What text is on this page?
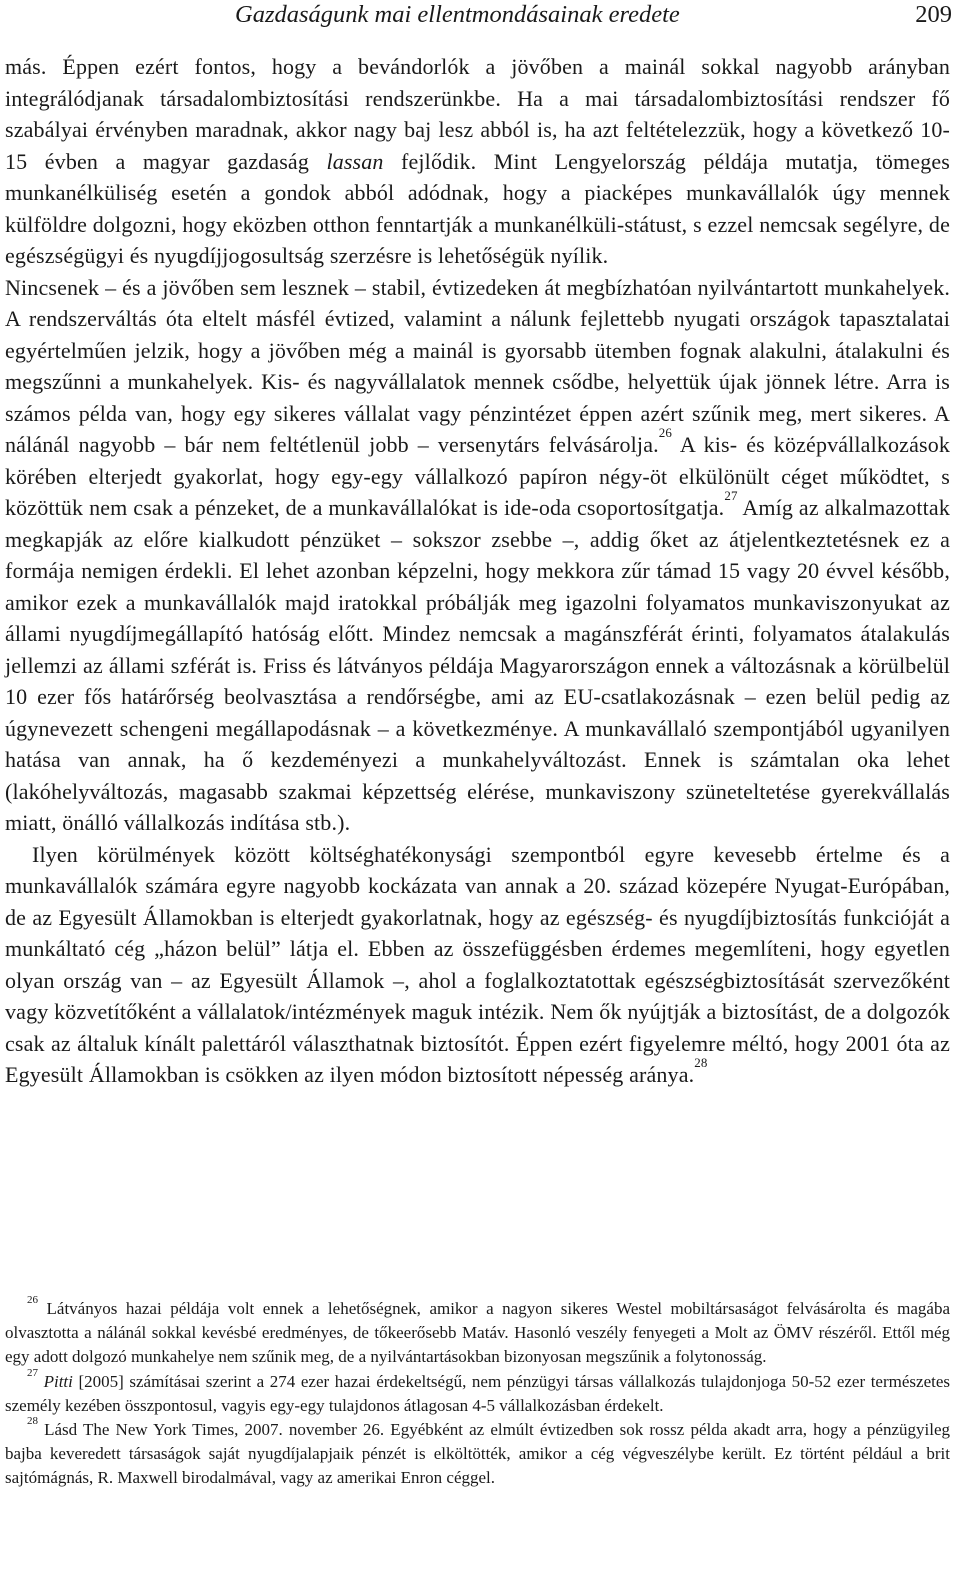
Gazdaságunk mai ellentmondásainak eredete	209

más. Éppen ezért fontos, hogy a bevándorlók a jövőben a mainál sokkal nagyobb arányban integrálódjanak társadalombiztosítási rendszerünkbe. Ha a mai társadalombiztosítási rendszer fő szabályai érvényben maradnak, akkor nagy baj lesz abból is, ha azt feltételezzük, hogy a következő 10-15 évben a magyar gazdaság lassan fejlődik. Mint Lengyelország példája mutatja, tömeges munkanélküliség esetén a gondok abból adódnak, hogy a piacképes munkavállalók úgy mennek külföldre dolgozni, hogy eközben otthon fenntartják a munkanélküli-státust, s ezzel nemcsak segélyre, de egészségügyi és nyugdíjjogosultság szerzésre is lehetőségük nyílik.

Nincsenek – és a jövőben sem lesznek – stabil, évtizedeken át megbízhatóan nyilvántartott munkahelyek. A rendszerváltás óta eltelt másfél évtized, valamint a nálunk fejlettebb nyugati országok tapasztalatai egyértelműen jelzik, hogy a jövőben még a mainál is gyorsabb ütemben fognak alakulni, átalakulni és megszűnni a munkahelyek. Kis- és nagyvállalatok mennek csődbe, helyettük újak jönnek létre. Arra is számos példa van, hogy egy sikeres vállalat vagy pénzintézet éppen azért szűnik meg, mert sikeres. A nálánál nagyobb – bár nem feltétlenül jobb – versenytárs felvásárolja.$^{26}$ A kis- és középvállalkozások körében elterjedt gyakorlat, hogy egy-egy vállalkozó papíron négy-öt elkülönült céget működtet, s közöttük nem csak a pénzeket, de a munkavállalókat is ide-oda csoportosítgatja.$^{27}$ Amíg az alkalmazottak megkapják az előre kialkudott pénzüket – sokszor zsebbe –, addig őket az átjelentkeztetésnek ez a formája nemigen érdekli. El lehet azonban képzelni, hogy mekkora zűr támad 15 vagy 20 évvel később, amikor ezek a munkavállalók majd iratokkal próbálják meg igazolni folyamatos munkaviszonyukat az állami nyugdíjmegállapító hatóság előtt. Mindez nemcsak a magánszférát érinti, folyamatos átalakulás jellemzi az állami szférát is. Friss és látványos példája Magyarországon ennek a változásnak a körülbelül 10 ezer fős határőrség beolvasztása a rendőrségbe, ami az EU-csatlakozásnak – ezen belül pedig az úgynevezett schengeni megállapodásnak – a következménye. A munkavállaló szempontjából ugyanilyen hatása van annak, ha ő kezdeményezi a munkahelyváltozást. Ennek is számtalan oka lehet (lakóhelyváltozás, magasabb szakmai képzettség elérése, munkaviszony szüneteltetése gyerekvállalás miatt, önálló vállalkozás indítása stb.).

Ilyen körülmények között költséghatékonysági szempontból egyre kevesebb értelme és a munkavállalók számára egyre nagyobb kockázata van annak a 20. század közepére Nyugat-Európában, de az Egyesült Államokban is elterjedt gyakorlatnak, hogy az egészség- és nyugdíjbiztosítás funkcióját a munkáltató cég „házon belül” látja el. Ebben az összefüggésben érdemes megemlíteni, hogy egyetlen olyan ország van – az Egyesült Államok –, ahol a foglalkoztatottak egészségbiztosítását szervezőként vagy közvetítőként a vállalatok/intézmények maguk intézik. Nem ők nyújtják a biztosítást, de a dolgozók csak az általuk kínált palettáról választhatnak biztosítót. Éppen ezért figyelemre méltó, hogy 2001 óta az Egyesült Államokban is csökken az ilyen módon biztosított népesség aránya.$^{28}$

$^{26}$ Látványos hazai példája volt ennek a lehetőségnek, amikor a nagyon sikeres Westel mobiltársaságot felvásárolta és magába olvasztotta a nálánál sokkal kevésbé eredményes, de tőkeerősebb Matáv. Hasonló veszély fenyegeti a Molt az ÖMV részéről. Ettől még egy adott dolgozó munkahelye nem szűnik meg, de a nyilvántartásokban bizonyosan megszűnik a folytonosság.

$^{27}$ Pitti [2005] számításai szerint a 274 ezer hazai érdekeltségű, nem pénzügyi társas vállalkozás tulajdonjoga 50-52 ezer természetes személy kezében összpontosul, vagyis egy-egy tulajdonos átlagosan 4-5 vállalkozásban érdekelt.

$^{28}$ Lásd The New York Times, 2007. november 26. Egyébként az elmúlt évtizedben sok rossz példa akadt arra, hogy a pénzügyileg bajba keveredett társaságok saját nyugdíjalapjaik pénzét is elköltötték, amikor a cég végveszélybe került. Ez történt például a brit sajtómágnás, R. Maxwell birodalmával, vagy az amerikai Enron céggel.
